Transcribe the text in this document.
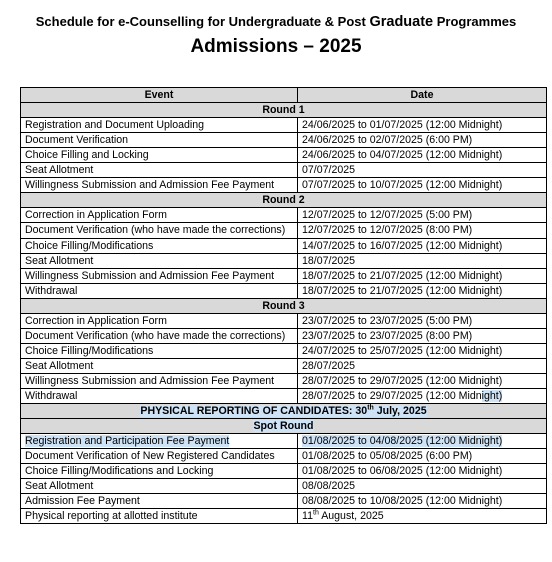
Schedule for e-Counselling for Undergraduate & Post Graduate Programmes
Admissions – 2025
Event	Date
Round 1	
Registration and Document Uploading	24/06/2025 to 01/07/2025 (12:00 Midnight)
Document Verification	24/06/2025 to 02/07/2025 (6:00 PM)
Choice Filling and Locking	24/06/2025 to 04/07/2025 (12:00 Midnight)
Seat Allotment	07/07/2025
Willingness Submission and Admission Fee Payment	07/07/2025 to 10/07/2025 (12:00 Midnight)
Round 2	
Correction in Application Form	12/07/2025 to 12/07/2025 (5:00 PM)
Document Verification (who have made the corrections)	12/07/2025 to 12/07/2025 (8:00 PM)
Choice Filling/Modifications	14/07/2025 to 16/07/2025 (12:00 Midnight)
Seat Allotment	18/07/2025
Willingness Submission and Admission Fee Payment	18/07/2025 to 21/07/2025 (12:00 Midnight)
Withdrawal	18/07/2025 to 21/07/2025 (12:00 Midnight)
Round 3	
Correction in Application Form	23/07/2025 to 23/07/2025 (5:00 PM)
Document Verification (who have made the corrections)	23/07/2025 to 23/07/2025 (8:00 PM)
Choice Filling/Modifications	24/07/2025 to 25/07/2025 (12:00 Midnight)
Seat Allotment	28/07/2025
Willingness Submission and Admission Fee Payment	28/07/2025 to 29/07/2025 (12:00 Midnight)
Withdrawal	28/07/2025 to 29/07/2025 (12:00 Midnight)
PHYSICAL REPORTING OF CANDIDATES: 30th July, 2025	
Spot Round	
Registration and Participation Fee Payment	01/08/2025 to 04/08/2025 (12:00 Midnight)
Document Verification of New Registered Candidates	01/08/2025 to 05/08/2025 (6:00 PM)
Choice Filling/Modifications and Locking	01/08/2025 to 06/08/2025 (12:00 Midnight)
Seat Allotment	08/08/2025
Admission Fee Payment	08/08/2025 to 10/08/2025 (12:00 Midnight)
Physical reporting at allotted institute	11th August, 2025
